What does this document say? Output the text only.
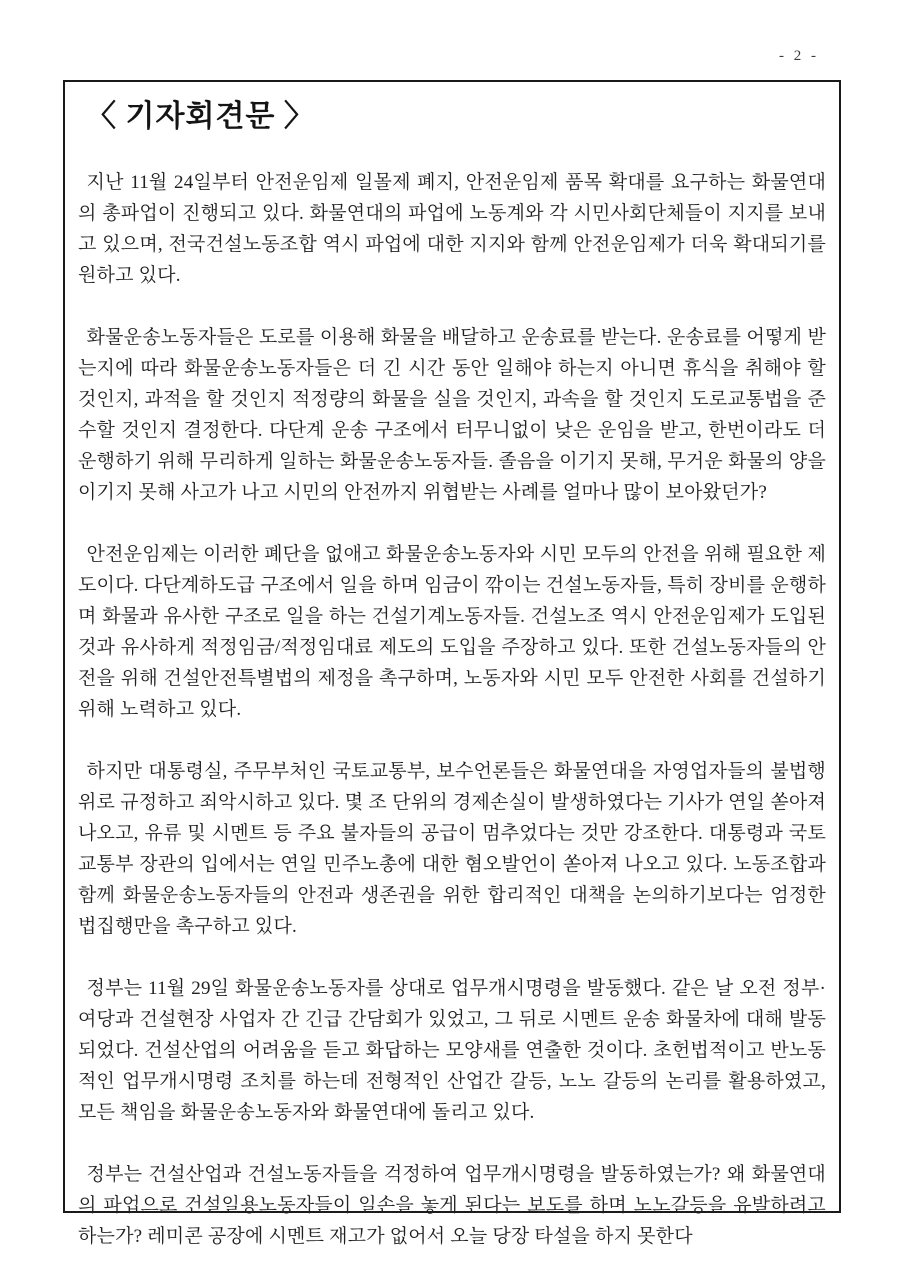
- 2 -
〈 기자회견문 〉

지난 11월 24일부터 안전운임제 일몰제 폐지, 안전운임제 품목 확대를 요구하는 화물연대의 총파업이 진행되고 있다. 화물연대의 파업에 노동계와 각 시민사회단체들이 지지를 보내고 있으며, 전국건설노동조합 역시 파업에 대한 지지와 함께 안전운임제가 더욱 확대되기를 원하고 있다.

화물운송노동자들은 도로를 이용해 화물을 배달하고 운송료를 받는다. 운송료를 어떻게 받는지에 따라 화물운송노동자들은 더 긴 시간 동안 일해야 하는지 아니면 휴식을 취해야 할 것인지, 과적을 할 것인지 적정량의 화물을 실을 것인지, 과속을 할 것인지 도로교통법을 준수할 것인지 결정한다. 다단계 운송 구조에서 터무니없이 낮은 운임을 받고, 한번이라도 더 운행하기 위해 무리하게 일하는 화물운송노동자들. 졸음을 이기지 못해, 무거운 화물의 양을 이기지 못해 사고가 나고 시민의 안전까지 위협받는 사례를 얼마나 많이 보아왔던가?

안전운임제는 이러한 폐단을 없애고 화물운송노동자와 시민 모두의 안전을 위해 필요한 제도이다. 다단계하도급 구조에서 일을 하며 임금이 깎이는 건설노동자들, 특히 장비를 운행하며 화물과 유사한 구조로 일을 하는 건설기계노동자들. 건설노조 역시 안전운임제가 도입된 것과 유사하게 적정임금/적정임대료 제도의 도입을 주장하고 있다. 또한 건설노동자들의 안전을 위해 건설안전특별법의 제정을 촉구하며, 노동자와 시민 모두 안전한 사회를 건설하기 위해 노력하고 있다.

하지만 대통령실, 주무부처인 국토교통부, 보수언론들은 화물연대을 자영업자들의 불법행위로 규정하고 죄악시하고 있다. 몇 조 단위의 경제손실이 발생하였다는 기사가 연일 쏟아져 나오고, 유류 및 시멘트 등 주요 불자들의 공급이 멈추었다는 것만 강조한다. 대통령과 국토교통부 장관의 입에서는 연일 민주노총에 대한 혐오발언이 쏟아져 나오고 있다. 노동조합과 함께 화물운송노동자들의 안전과 생존권을 위한 합리적인 대책을 논의하기보다는 엄정한 법집행만을 촉구하고 있다.

정부는 11월 29일 화물운송노동자를 상대로 업무개시명령을 발동했다. 같은 날 오전 정부·여당과 건설현장 사업자 간 긴급 간담회가 있었고, 그 뒤로 시멘트 운송 화물차에 대해 발동되었다. 건설산업의 어려움을 듣고 화답하는 모양새를 연출한 것이다. 초헌법적이고 반노동적인 업무개시명령 조치를 하는데 전형적인 산업간 갈등, 노노 갈등의 논리를 활용하였고, 모든 책임을 화물운송노동자와 화물연대에 돌리고 있다.

정부는 건설산업과 건설노동자들을 걱정하여 업무개시명령을 발동하였는가? 왜 화물연대의 파업으로 건설일용노동자들이 일손을 놓게 된다는 보도를 하며 노노갈등을 유발하려고 하는가? 레미콘 공장에 시멘트 재고가 없어서 오늘 당장 타설을 하지 못한다
